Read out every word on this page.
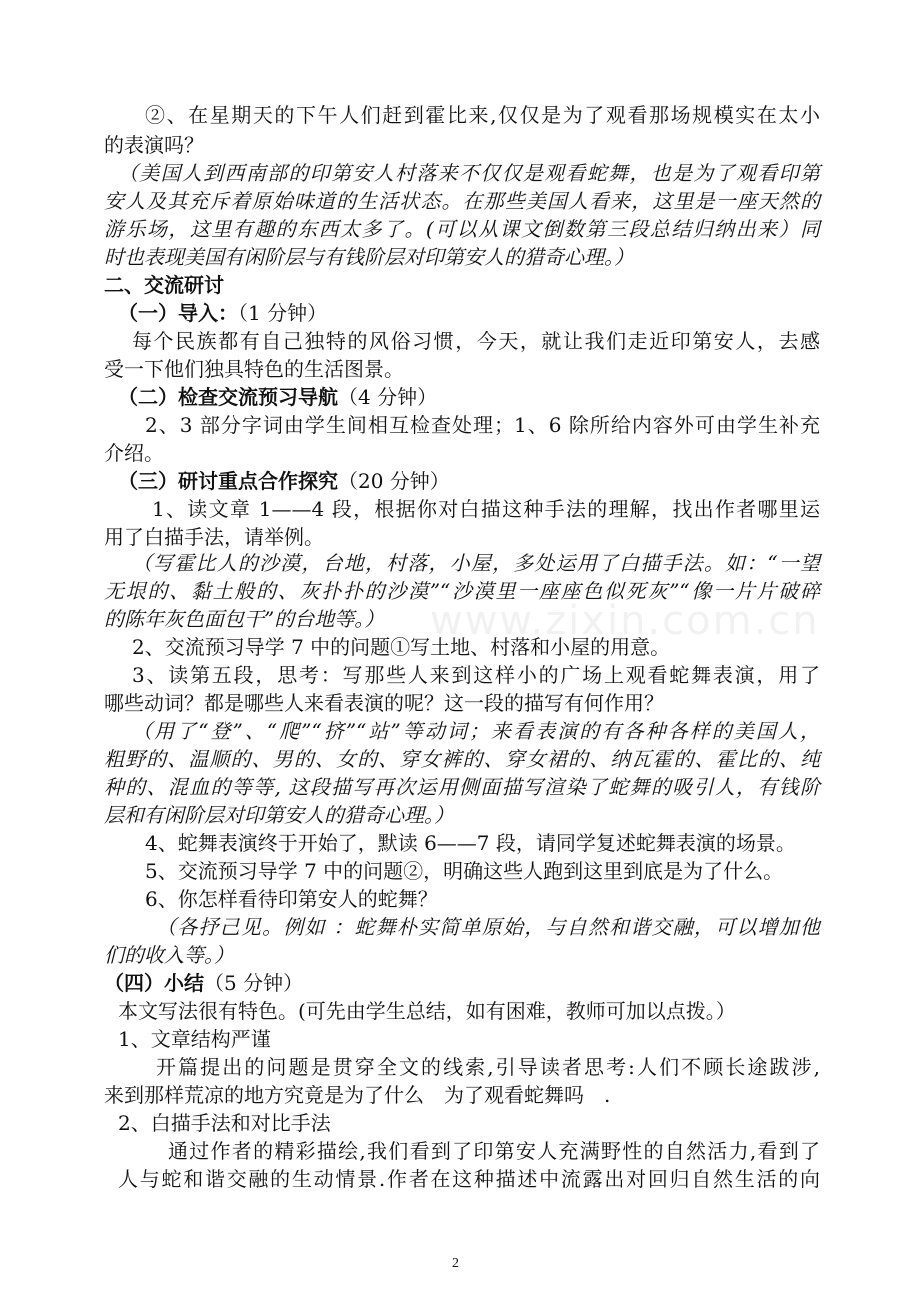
www.zixin.com.cn
②、在星期天的下午人们赶到霍比来,仅仅是为了观看那场规模实在太小
的表演吗？
（美国人到西南部的印第安人村落来不仅仅是观看蛇舞，也是为了观看印第
安人及其充斥着原始味道的生活状态。在那些美国人看来，这里是一座天然的
游乐场，这里有趣的东西太多了。(可以从课文倒数第三段总结归纳出来）同
时也表现美国有闲阶层与有钱阶层对印第安人的猎奇心理。）
二、交流研讨
（一）导入：（1 分钟）
每个民族都有自己独特的风俗习惯，今天，就让我们走近印第安人，去感
受一下他们独具特色的生活图景。
（二）检查交流预习导航（4 分钟）
2、3 部分字词由学生间相互检查处理；1、6 除所给内容外可由学生补充
介绍。
（三）研讨重点合作探究（20 分钟）
1、读文章 1——4 段，根据你对白描这种手法的理解，找出作者哪里运
用了白描手法，请举例。
（写霍比人的沙漠，台地，村落，小屋，多处运用了白描手法。如：“一望
无垠的、黏土般的、灰扑扑的沙漠”“沙漠里一座座色似死灰”“像一片片破碎
的陈年灰色面包干”的台地等。）
2、交流预习导学 7 中的问题①写土地、村落和小屋的用意。
3、读第五段，思考：写那些人来到这样小的广场上观看蛇舞表演，用了
哪些动词？都是哪些人来看表演的呢？这一段的描写有何作用？
（用了“登”、“爬”“挤”“站”等动词；来看表演的有各种各样的美国人，
粗野的、温顺的、男的、女的、穿女裤的、穿女裙的、纳瓦霍的、霍比的、纯
种的、混血的等等, 这段描写再次运用侧面描写渲染了蛇舞的吸引人，有钱阶
层和有闲阶层对印第安人的猎奇心理。）
4、蛇舞表演终于开始了，默读 6——7 段，请同学复述蛇舞表演的场景。
5、交流预习导学 7 中的问题②，明确这些人跑到这里到底是为了什么。
6、你怎样看待印第安人的蛇舞？
（各抒己见。例如 ：蛇舞朴实简单原始，与自然和谐交融，可以增加他
们的收入等。）
（四）小结（5 分钟）
本文写法很有特色。(可先由学生总结，如有困难，教师可加以点拨。）
1、文章结构严谨
开篇提出的问题是贯穿全文的线索,引导读者思考:人们不顾长途跋涉,
来到那样荒凉的地方究竟是为了什么　为了观看蛇舞吗　.
2、白描手法和对比手法
通过作者的精彩描绘,我们看到了印第安人充满野性的自然活力,看到了
人与蛇和谐交融的生动情景.作者在这种描述中流露出对回归自然生活的向
2
